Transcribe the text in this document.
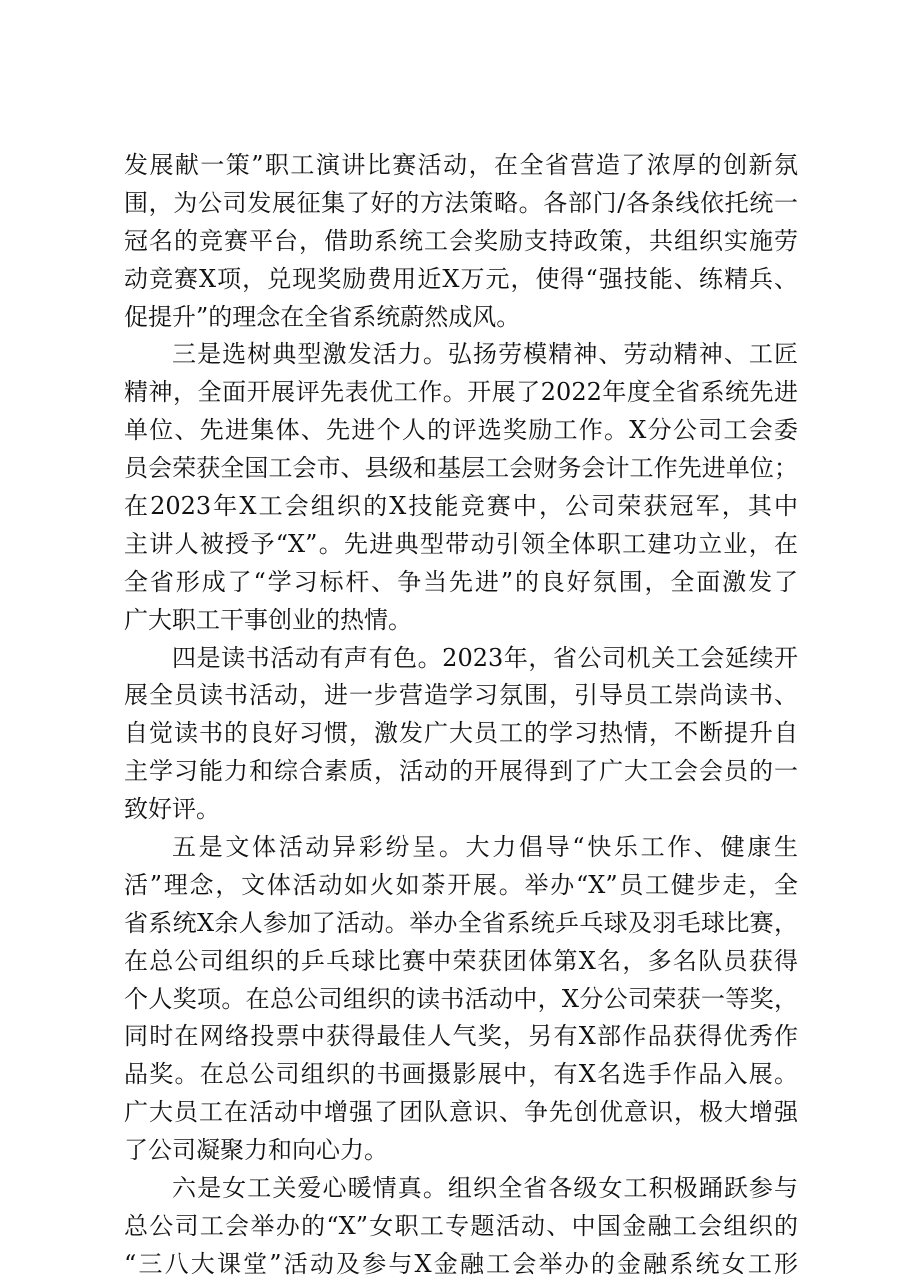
发展献一策”职工演讲比赛活动，在全省营造了浓厚的创新氛
围，为公司发展征集了好的方法策略。各部门/各条线依托统一
冠名的竞赛平台，借助系统工会奖励支持政策，共组织实施劳
动竞赛X项，兑现奖励费用近X万元，使得“强技能、练精兵、
促提升”的理念在全省系统蔚然成风。
三是选树典型激发活力。弘扬劳模精神、劳动精神、工匠
精神，全面开展评先表优工作。开展了2022年度全省系统先进
单位、先进集体、先进个人的评选奖励工作。X分公司工会委
员会荣获全国工会市、县级和基层工会财务会计工作先进单位；
在2023年X工会组织的X技能竞赛中，公司荣获冠军，其中
主讲人被授予“X”。先进典型带动引领全体职工建功立业，在
全省形成了“学习标杆、争当先进”的良好氛围，全面激发了
广大职工干事创业的热情。
四是读书活动有声有色。2023年，省公司机关工会延续开
展全员读书活动，进一步营造学习氛围，引导员工崇尚读书、
自觉读书的良好习惯，激发广大员工的学习热情，不断提升自
主学习能力和综合素质，活动的开展得到了广大工会会员的一
致好评。
五是文体活动异彩纷呈。大力倡导“快乐工作、健康生
活”理念，文体活动如火如荼开展。举办“X”员工健步走，全
省系统X余人参加了活动。举办全省系统乒乓球及羽毛球比赛，
在总公司组织的乒乓球比赛中荣获团体第X名，多名队员获得
个人奖项。在总公司组织的读书活动中，X分公司荣获一等奖，
同时在网络投票中获得最佳人气奖，另有X部作品获得优秀作
品奖。在总公司组织的书画摄影展中，有X名选手作品入展。
广大员工在活动中增强了团队意识、争先创优意识，极大增强
了公司凝聚力和向心力。
六是女工关爱心暖情真。组织全省各级女工积极踊跃参与
总公司工会举办的“X”女职工专题活动、中国金融工会组织的
“三八大课堂”活动及参与X金融工会举办的金融系统女工形
